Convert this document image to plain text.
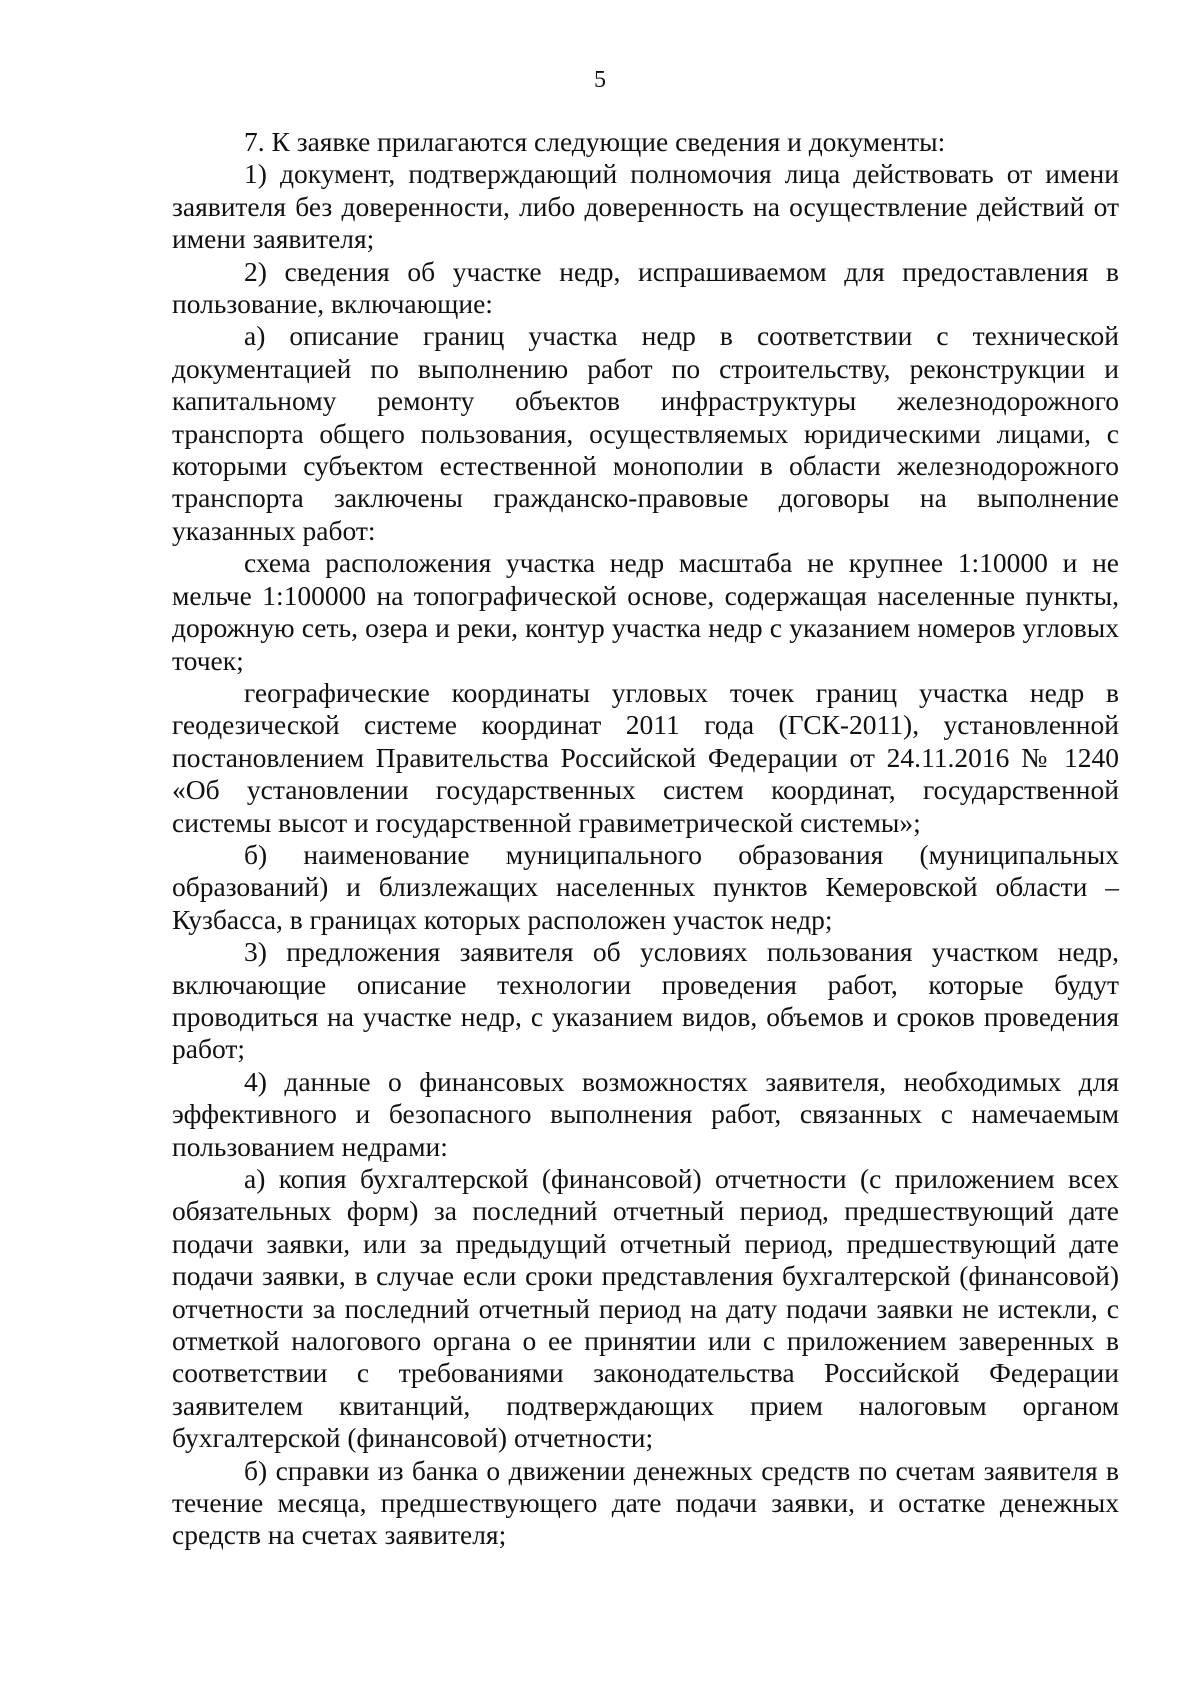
5

7. К заявке прилагаются следующие сведения и документы:

1) документ, подтверждающий полномочия лица действовать от имени заявителя без доверенности, либо доверенность на осуществление действий от имени заявителя;

2) сведения об участке недр, испрашиваемом для предоставления в пользование, включающие:

а) описание границ участка недр в соответствии с технической документацией по выполнению работ по строительству, реконструкции и капитальному ремонту объектов инфраструктуры железнодорожного транспорта общего пользования, осуществляемых юридическими лицами, с которыми субъектом естественной монополии в области железнодорожного транспорта заключены гражданско-правовые договоры на выполнение указанных работ:

схема расположения участка недр масштаба не крупнее 1:10000 и не мельче 1:100000 на топографической основе, содержащая населенные пункты, дорожную сеть, озера и реки, контур участка недр с указанием номеров угловых точек;

географические координаты угловых точек границ участка недр в геодезической системе координат 2011 года (ГСК-2011), установленной постановлением Правительства Российской Федерации от 24.11.2016 № 1240 «Об установлении государственных систем координат, государственной системы высот и государственной гравиметрической системы»;

б) наименование муниципального образования (муниципальных образований) и близлежащих населенных пунктов Кемеровской области – Кузбасса, в границах которых расположен участок недр;

3) предложения заявителя об условиях пользования участком недр, включающие описание технологии проведения работ, которые будут проводиться на участке недр, с указанием видов, объемов и сроков проведения работ;

4) данные о финансовых возможностях заявителя, необходимых для эффективного и безопасного выполнения работ, связанных с намечаемым пользованием недрами:

а) копия бухгалтерской (финансовой) отчетности (с приложением всех обязательных форм) за последний отчетный период, предшествующий дате подачи заявки, или за предыдущий отчетный период, предшествующий дате подачи заявки, в случае если сроки представления бухгалтерской (финансовой) отчетности за последний отчетный период на дату подачи заявки не истекли, с отметкой налогового органа о ее принятии или с приложением заверенных в соответствии с требованиями законодательства Российской Федерации заявителем квитанций, подтверждающих прием налоговым органом бухгалтерской (финансовой) отчетности;

б) справки из банка о движении денежных средств по счетам заявителя в течение месяца, предшествующего дате подачи заявки, и остатке денежных средств на счетах заявителя;
